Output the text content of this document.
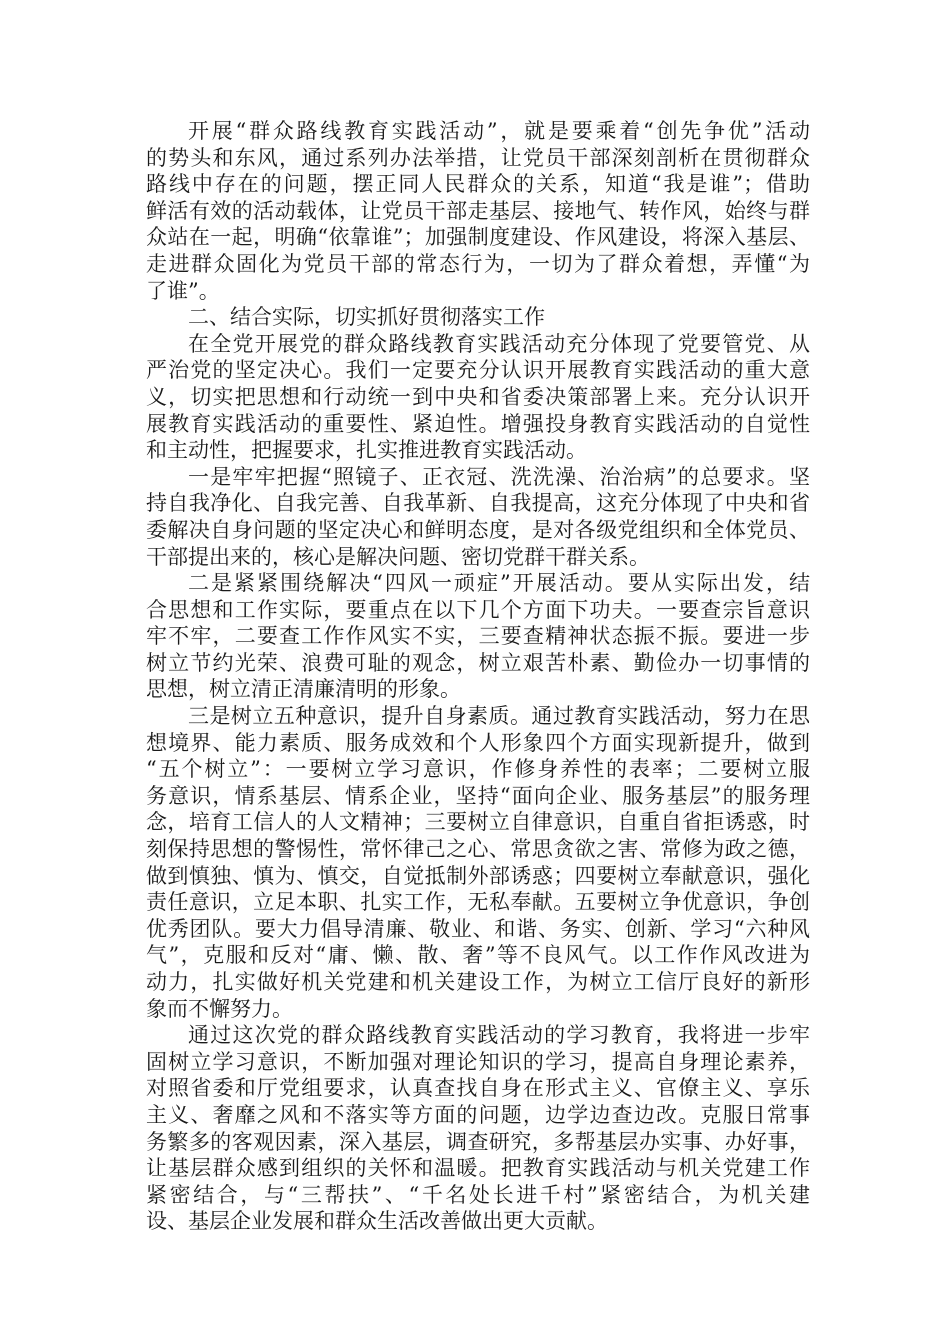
开展“群众路线教育实践活动”，就是要乘着“创先争优”活动
的势头和东风，通过系列办法举措，让党员干部深刻剖析在贯彻群众
路线中存在的问题，摆正同人民群众的关系，知道“我是谁”；借助
鲜活有效的活动载体，让党员干部走基层、接地气、转作风，始终与群
众站在一起，明确“依靠谁”；加强制度建设、作风建设，将深入基层、
走进群众固化为党员干部的常态行为，一切为了群众着想，弄懂“为
了谁”。
二、结合实际，切实抓好贯彻落实工作
在全党开展党的群众路线教育实践活动充分体现了党要管党、从
严治党的坚定决心。我们一定要充分认识开展教育实践活动的重大意
义，切实把思想和行动统一到中央和省委决策部署上来。充分认识开
展教育实践活动的重要性、紧迫性。增强投身教育实践活动的自觉性
和主动性，把握要求，扎实推进教育实践活动。
一是牢牢把握“照镜子、正衣冠、洗洗澡、治治病”的总要求。坚
持自我净化、自我完善、自我革新、自我提高，这充分体现了中央和省
委解决自身问题的坚定决心和鲜明态度，是对各级党组织和全体党员、
干部提出来的，核心是解决问题、密切党群干群关系。
二是紧紧围绕解决“四风一顽症”开展活动。要从实际出发，结
合思想和工作实际，要重点在以下几个方面下功夫。一要查宗旨意识
牢不牢，二要查工作作风实不实，三要查精神状态振不振。要进一步
树立节约光荣、浪费可耻的观念，树立艰苦朴素、勤俭办一切事情的
思想，树立清正清廉清明的形象。
三是树立五种意识，提升自身素质。通过教育实践活动，努力在思
想境界、能力素质、服务成效和个人形象四个方面实现新提升，做到
“五个树立”：一要树立学习意识，作修身养性的表率；二要树立服
务意识，情系基层、情系企业，坚持“面向企业、服务基层”的服务理
念，培育工信人的人文精神；三要树立自律意识，自重自省拒诱惑，时
刻保持思想的警惕性，常怀律己之心、常思贪欲之害、常修为政之德，
做到慎独、慎为、慎交，自觉抵制外部诱惑；四要树立奉献意识，强化
责任意识，立足本职、扎实工作，无私奉献。五要树立争优意识，争创
优秀团队。要大力倡导清廉、敬业、和谐、务实、创新、学习“六种风
气”，克服和反对“庸、懒、散、奢”等不良风气。以工作作风改进为
动力，扎实做好机关党建和机关建设工作，为树立工信厅良好的新形
象而不懈努力。
通过这次党的群众路线教育实践活动的学习教育，我将进一步牢
固树立学习意识，不断加强对理论知识的学习，提高自身理论素养，
对照省委和厅党组要求，认真查找自身在形式主义、官僚主义、享乐
主义、奢靡之风和不落实等方面的问题，边学边查边改。克服日常事
务繁多的客观因素，深入基层，调查研究，多帮基层办实事、办好事，
让基层群众感到组织的关怀和温暖。把教育实践活动与机关党建工作
紧密结合，与“三帮扶”、“千名处长进千村”紧密结合，为机关建
设、基层企业发展和群众生活改善做出更大贡献。
